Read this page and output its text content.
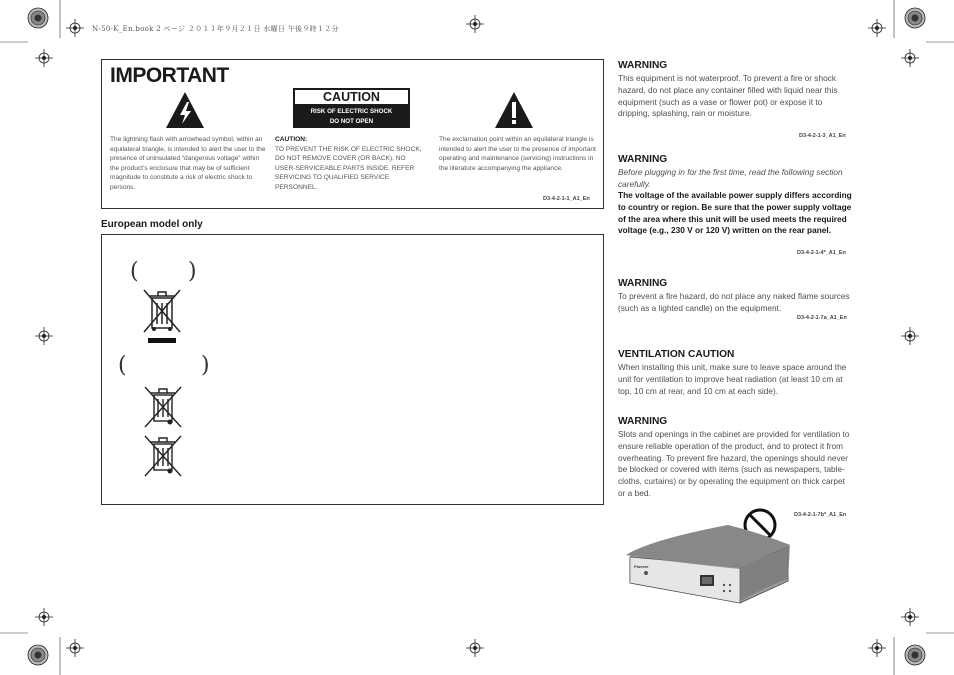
N-50-K_En.book 2 ページ ２０１１年９月２１日 水曜日 午後９時１２分
IMPORTANT
CAUTION
RISK OF ELECTRIC SHOCK
DO NOT OPEN
The lightning flash with arrowhead symbol, within an equilateral triangle, is intended to alert the user to the presence of uninsulated “dangerous voltage” within the product’s enclosure that may be of sufficient magnitude to constitute a risk of electric shock to persons.
CAUTION:
TO PREVENT THE RISK OF ELECTRIC SHOCK, DO NOT REMOVE COVER (OR BACK). NO USER-SERVICEABLE PARTS INSIDE. REFER SERVICING TO QUALIFIED SERVICE PERSONNEL.
The exclamation point within an equilateral triangle is intended to alert the user to the presence of important operating and maintenance (servicing) instructions in the literature accompanying the appliance.
D3-4-2-1-1_A1_En
European model only
( )
(	)
WARNING
This equipment is not waterproof. To prevent a fire or shock hazard, do not place any container filled with liquid near this equipment (such as a vase or flower pot) or expose it to dripping, splashing, rain or moisture.
D3-4-2-1-3_A1_En
WARNING
Before plugging in for the first time, read the following section carefully.
The voltage of the available power supply differs according to country or region. Be sure that the power supply voltage of the area where this unit will be used meets the required voltage (e.g., 230 V or 120 V) written on the rear panel.
D3-4-2-1-4*_A1_En
WARNING
To prevent a fire hazard, do not place any naked flame sources (such as a lighted candle) on the equipment.
D3-4-2-1-7a_A1_En
VENTILATION CAUTION
When installing this unit, make sure to leave space around the unit for ventilation to improve heat radiation (at least 10 cm at top, 10 cm at rear, and 10 cm at each side).
WARNING
Slots and openings in the cabinet are provided for ventilation to ensure reliable operation of the product, and to protect it from overheating. To prevent fire hazard, the openings should never be blocked or covered with items (such as newspapers, table-cloths, curtains) or by operating the equipment on thick carpet or a bed.
D3-4-2-1-7b*_A1_En
Pioneer
